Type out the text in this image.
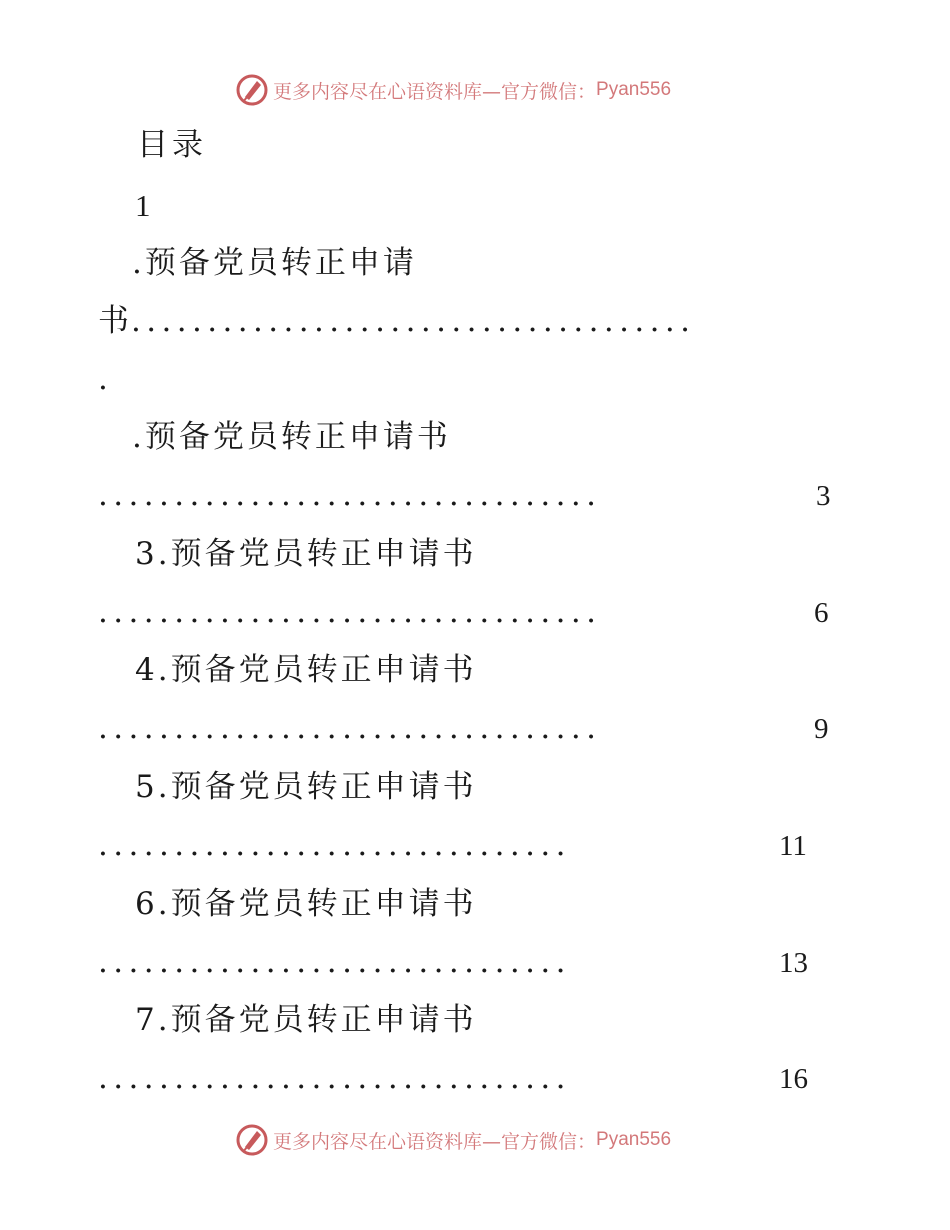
更多内容尽在心语资料库—官方微信： Pyan556
目录
1
.预备党员转正申请
书 .....................................
.
.预备党员转正申请书
.................................	3
3.预备党员转正申请书
.................................	6
4.预备党员转正申请书
.................................	9
5.预备党员转正申请书
...............................	11
6.预备党员转正申请书
...............................	13
7.预备党员转正申请书
...............................	16
更多内容尽在心语资料库—官方微信： Pyan556
